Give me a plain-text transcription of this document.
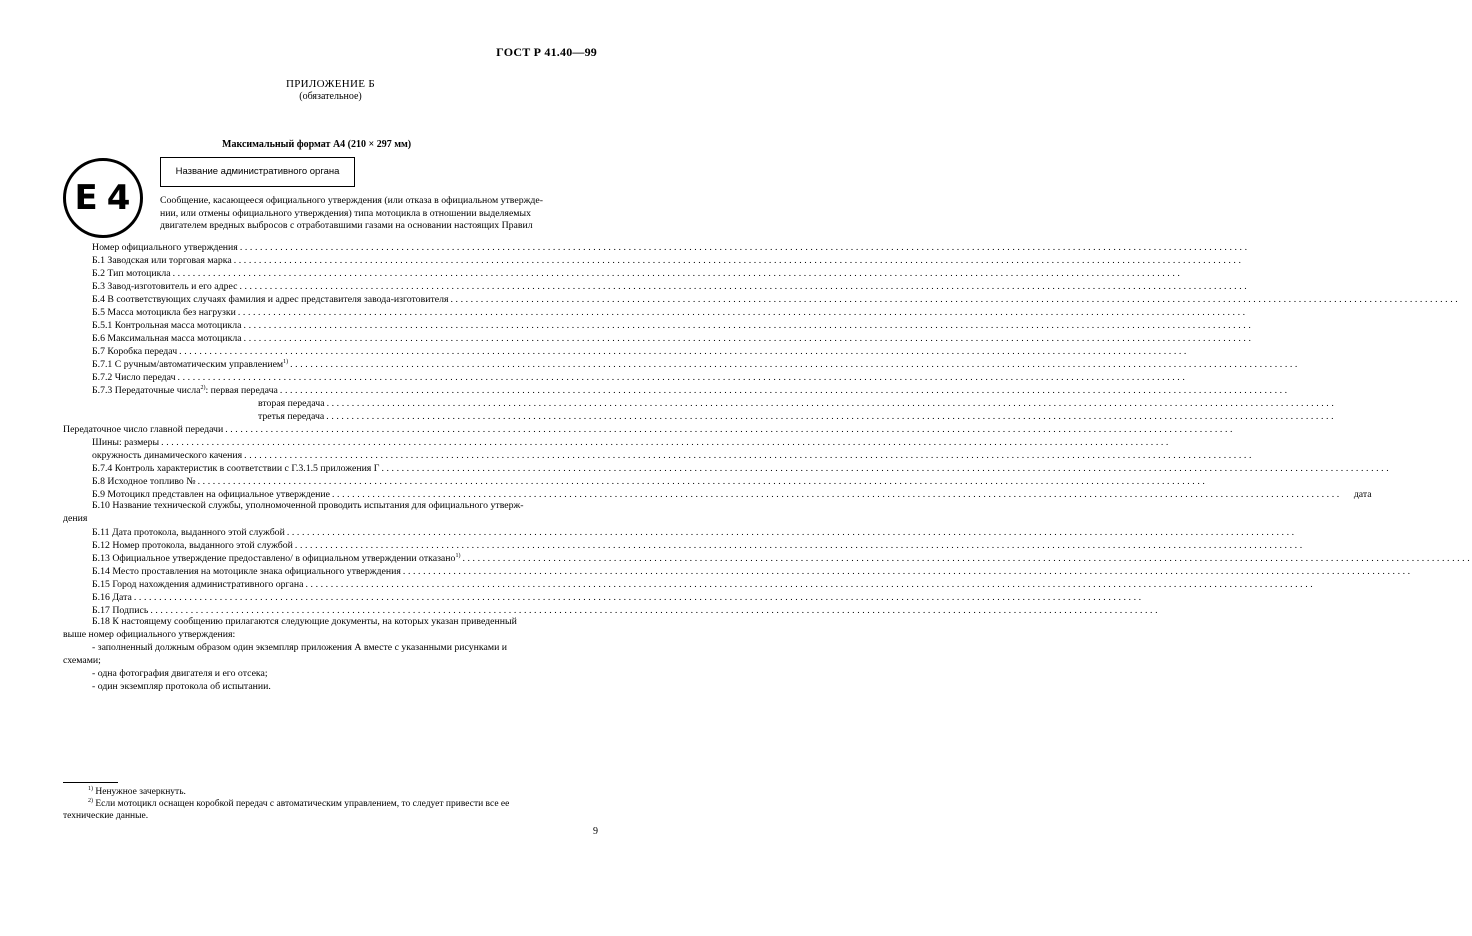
ГОСТ Р 41.40—99
ПРИЛОЖЕНИЕ Б
(обязательное)
Максимальный формат А4 (210 × 297 мм)
E 4
Название административного органа
Сообщение, касающееся официального утверждения (или отказа в официальном утвержде-
нии, или отмены официального утверждения) типа мотоцикла в отношении выделяемых
двигателем вредных выбросов с отработавшими газами на основании настоящих Правил
Номер официального утверждения ........................................................................................................................................................................................................
Б.1 Заводская или торговая марка ........................................................................................................................................................................................................
Б.2 Тип мотоцикла ........................................................................................................................................................................................................
Б.3 Завод-изготовитель и его адрес ........................................................................................................................................................................................................
Б.4 В соответствующих случаях фамилия и адрес представителя завода-изготовителя ........................................................................................................................................................................................................
Б.5 Масса мотоцикла без нагрузки ........................................................................................................................................................................................................
Б.5.1 Контрольная масса мотоцикла ........................................................................................................................................................................................................
Б.6 Максимальная масса мотоцикла ........................................................................................................................................................................................................
Б.7 Коробка передач ........................................................................................................................................................................................................
Б.7.1 С ручным/автоматическим управлением$^{1)}$ ........................................................................................................................................................................................................
Б.7.2 Число передач ........................................................................................................................................................................................................
Б.7.3 Передаточные числа$^{2)}$: первая передача ........................................................................................................................................................................................................
вторая передача ........................................................................................................................................................................................................
третья передача ........................................................................................................................................................................................................
Передаточное число главной передачи ........................................................................................................................................................................................................
Шины: размеры ........................................................................................................................................................................................................
окружность динамического качения ........................................................................................................................................................................................................
Б.7.4 Контроль характеристик в соответствии с Г.3.1.5 приложения Г ........................................................................................................................................................................................................
Б.8 Исходное топливо № ........................................................................................................................................................................................................
Б.9 Мотоцикл представлен на официальное утверждение ........................................................................................................................................................................................................	дата
Б.10 Название технической службы, уполномоченной проводить испытания для официального утверж-
дения
Б.11 Дата протокола, выданного этой службой ........................................................................................................................................................................................................
Б.12 Номер протокола, выданного этой службой ........................................................................................................................................................................................................
Б.13 Официальное утверждение предоставлено/ в официальном утверждении отказано$^{1)}$ ........................................................................................................................................................................................................
Б.14 Место проставления на мотоцикле знака официального утверждения ........................................................................................................................................................................................................
Б.15 Город нахождения административного органа ........................................................................................................................................................................................................
Б.16 Дата ........................................................................................................................................................................................................
Б.17 Подпись ........................................................................................................................................................................................................
Б.18 К настоящему сообщению прилагаются следующие документы, на которых указан приведенный
выше номер официального утверждения:
- заполненный должным образом один экземпляр приложения А вместе с указанными рисунками и
схемами;
- одна фотография двигателя и его отсека;
- один экземпляр протокола об испытании.
$^{1)}$ Ненужное зачеркнуть.
$^{2)}$ Если мотоцикл оснащен коробкой передач с автоматическим управлением, то следует привести все ее
технические данные.
9
